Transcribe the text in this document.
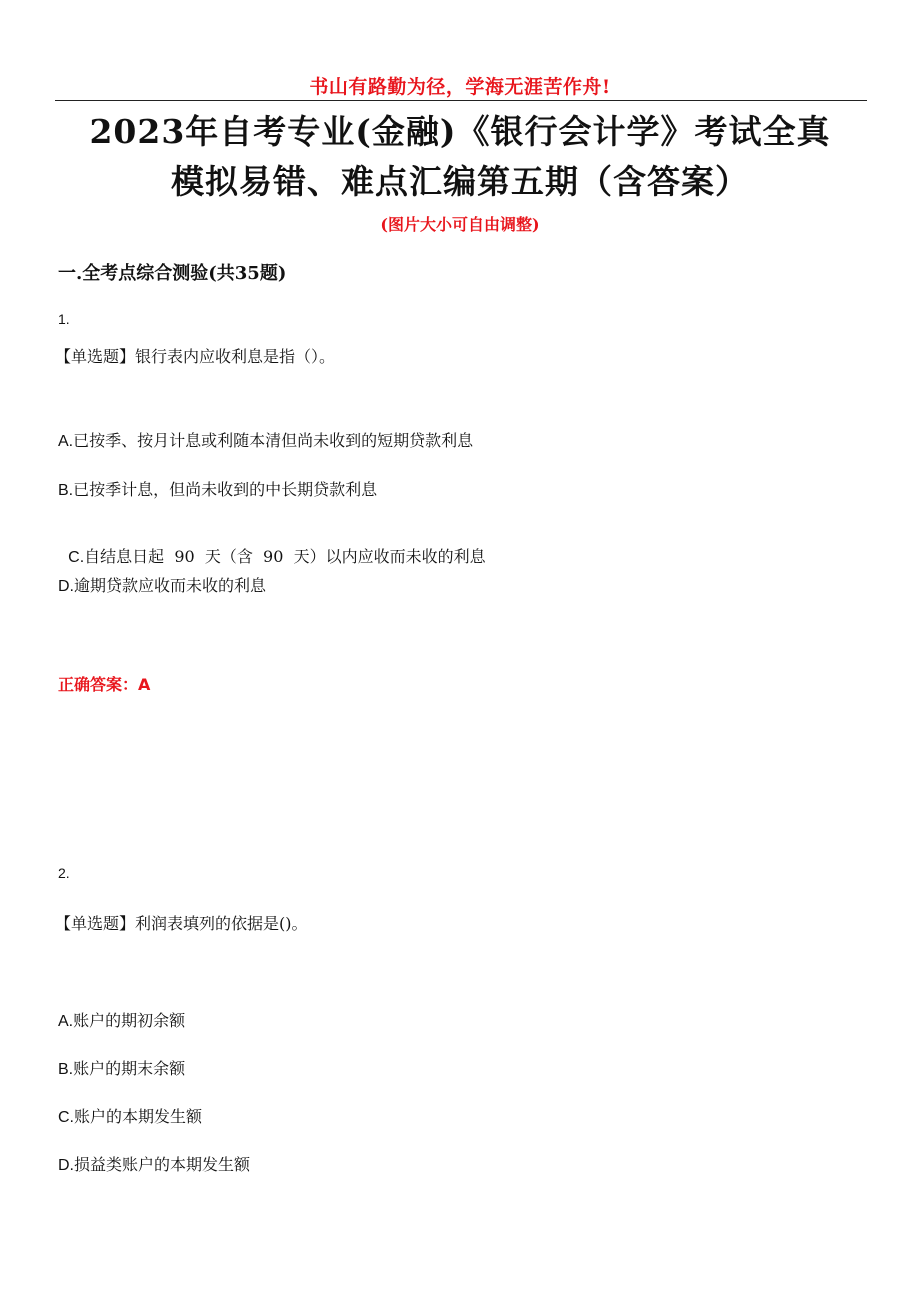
书山有路勤为径，学海无涯苦作舟!
2023年自考专业(金融)《银行会计学》考试全真
模拟易错、难点汇编第五期（含答案）
(图片大小可自由调整)
一.全考点综合测验(共35题)
1.
【单选题】银行表内应收利息是指（）。
A.已按季、按月计息或利随本清但尚未收到的短期贷款利息
B.已按季计息，但尚未收到的中长期贷款利息

C.自结息日起  90  天（含  90  天）以内应收而未收的利息

D.逾期贷款应收而未收的利息
正确答案：A
2.
【单选题】利润表填列的依据是()。
A.账户的期初余额
B.账户的期末余额
C.账户的本期发生额
D.损益类账户的本期发生额
